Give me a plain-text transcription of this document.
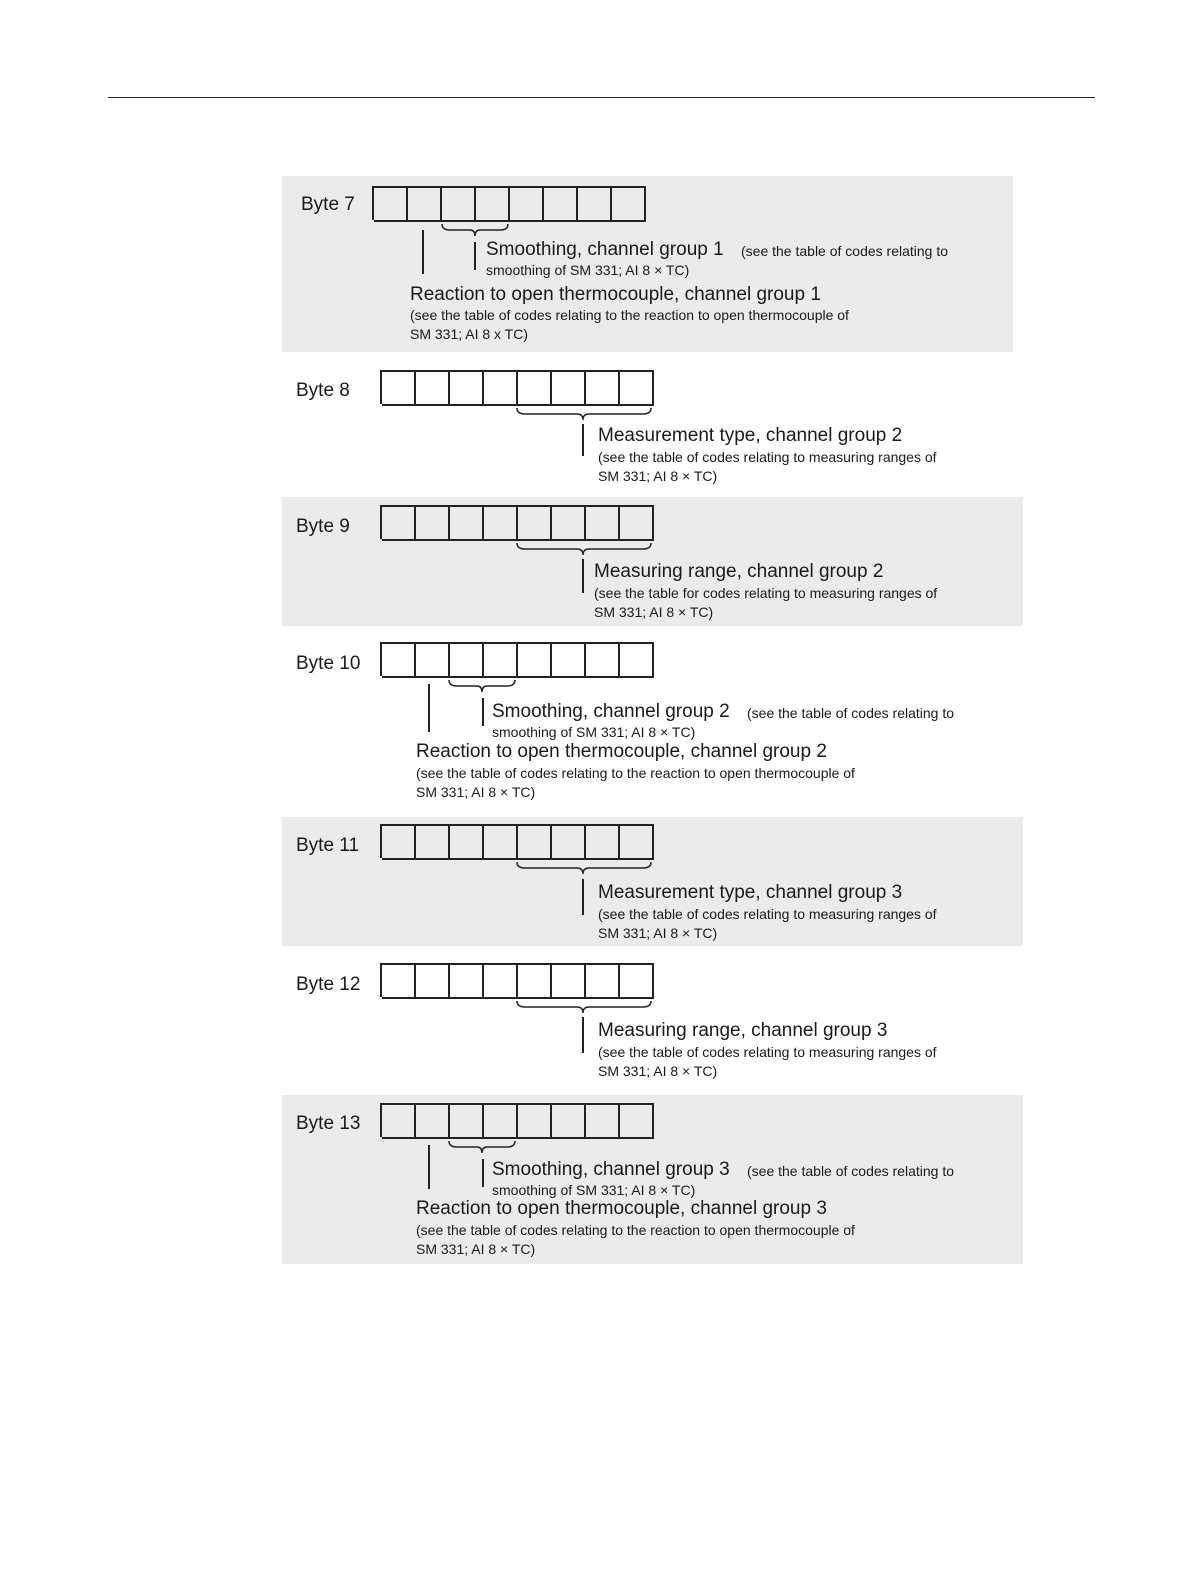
Byte 7
Smoothing, channel group 1 (see the table of codes relating to
smoothing of SM 331; AI 8 × TC)
Reaction to open thermocouple, channel group 1
(see the table of codes relating to the reaction to open thermocouple of
SM 331; AI 8 x TC)
Byte 8
Measurement type, channel group 2
(see the table of codes relating to measuring ranges of
SM 331; AI 8 × TC)
Byte 9
Measuring range, channel group 2
(see the table for codes relating to measuring ranges of
SM 331; AI 8 × TC)
Byte 10
Smoothing, channel group 2 (see the table of codes relating to
smoothing of SM 331; AI 8 × TC)
Reaction to open thermocouple, channel group 2
(see the table of codes relating to the reaction to open thermocouple of
SM 331; AI 8 × TC)
Byte 11
Measurement type, channel group 3
(see the table of codes relating to measuring ranges of
SM 331; AI 8 × TC)
Byte 12
Measuring range, channel group 3
(see the table of codes relating to measuring ranges of
SM 331; AI 8 × TC)
Byte 13
Smoothing, channel group 3 (see the table of codes relating to
smoothing of SM 331; AI 8 × TC)
Reaction to open thermocouple, channel group 3
(see the table of codes relating to the reaction to open thermocouple of
SM 331; AI 8 × TC)
